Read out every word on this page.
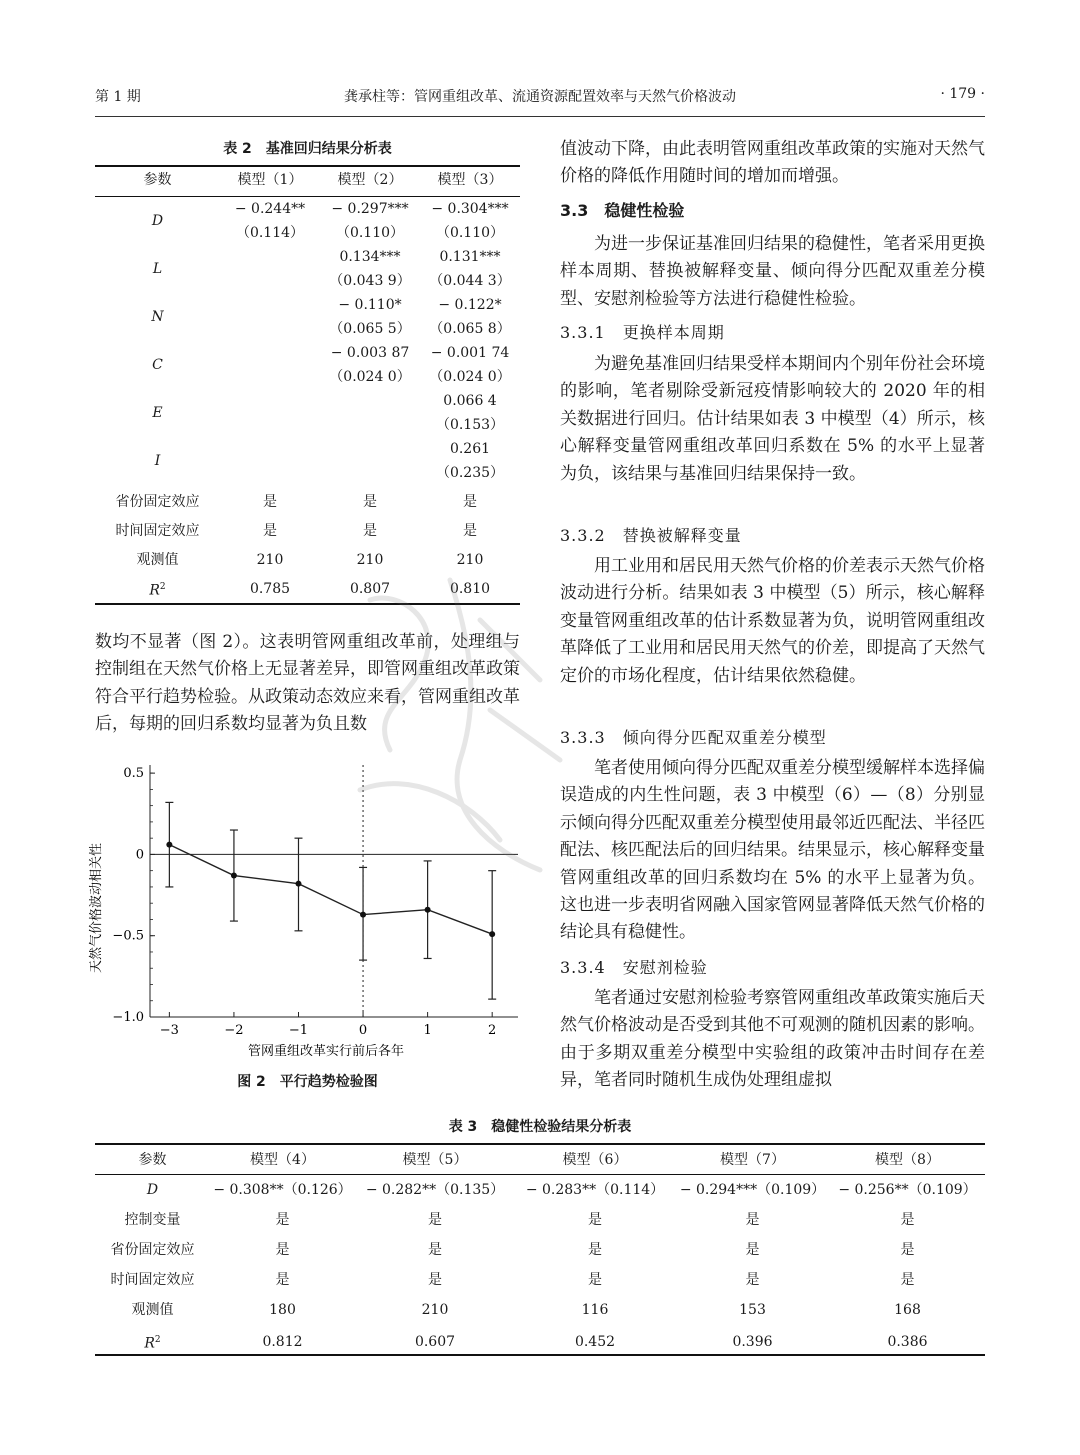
第 1 期	龚承柱等：管网重组改革、流通资源配置效率与天然气价格波动	· 179 ·
表 2　基准回归结果分析表
参数	模型（1）	模型（2）	模型（3）
D	− 0.244**	− 0.297***	− 0.304***
	（0.114）	（0.110）	（0.110）
L		0.134***	0.131***
		（0.043 9）	（0.044 3）
N		− 0.110*	− 0.122*
		（0.065 5）	（0.065 8）
C		− 0.003 87	− 0.001 74
		（0.024 0）	（0.024 0）
E			0.066 4
			（0.153）
I			0.261
			（0.235）
省份固定效应	是	是	是
时间固定效应	是	是	是
观测值	210	210	210
$R^2$	0.785	0.807	0.810
数均不显著（图 2）。这表明管网重组改革前，处理组与控制组在天然气价格上无显著差异，即管网重组改革政策符合平行趋势检验。从政策动态效应来看，管网重组改革后，每期的回归系数均显著为负且数
0.5
0
−0.5
−1.0
−3	−2	−1	0	1	2
天然气价格波动相关性
管网重组改革实行前后各年
图 2　平行趋势检验图
值波动下降，由此表明管网重组改革政策的实施对天然气价格的降低作用随时间的增加而增强。
3.3　稳健性检验
为进一步保证基准回归结果的稳健性，笔者采用更换样本周期、替换被解释变量、倾向得分匹配双重差分模型、安慰剂检验等方法进行稳健性检验。
3.3.1　更换样本周期
为避免基准回归结果受样本期间内个别年份社会环境的影响，笔者剔除受新冠疫情影响较大的 2020 年的相关数据进行回归。估计结果如表 3 中模型（4）所示，核心解释变量管网重组改革回归系数在 5% 的水平上显著为负，该结果与基准回归结果保持一致。
3.3.2　替换被解释变量
用工业用和居民用天然气价格的价差表示天然气价格波动进行分析。结果如表 3 中模型（5）所示，核心解释变量管网重组改革的估计系数显著为负，说明管网重组改革降低了工业用和居民用天然气的价差，即提高了天然气定价的市场化程度，估计结果依然稳健。
3.3.3　倾向得分匹配双重差分模型
笔者使用倾向得分匹配双重差分模型缓解样本选择偏误造成的内生性问题，表 3 中模型（6）—（8）分别显示倾向得分匹配双重差分模型使用最邻近匹配法、半径匹配法、核匹配法后的回归结果。结果显示，核心解释变量管网重组改革的回归系数均在 5% 的水平上显著为负。这也进一步表明省网融入国家管网显著降低天然气价格的结论具有稳健性。
3.3.4　安慰剂检验
笔者通过安慰剂检验考察管网重组改革政策实施后天然气价格波动是否受到其他不可观测的随机因素的影响。由于多期双重差分模型中实验组的政策冲击时间存在差异，笔者同时随机生成伪处理组虚拟
表 3　稳健性检验结果分析表
参数	模型（4）	模型（5）	模型（6）	模型（7）	模型（8）
D	− 0.308**（0.126）	− 0.282**（0.135）	− 0.283**（0.114）	− 0.294***（0.109）	− 0.256**（0.109）
控制变量	是	是	是	是	是
省份固定效应	是	是	是	是	是
时间固定效应	是	是	是	是	是
观测值	180	210	116	153	168
$R^2$	0.812	0.607	0.452	0.396	0.386
